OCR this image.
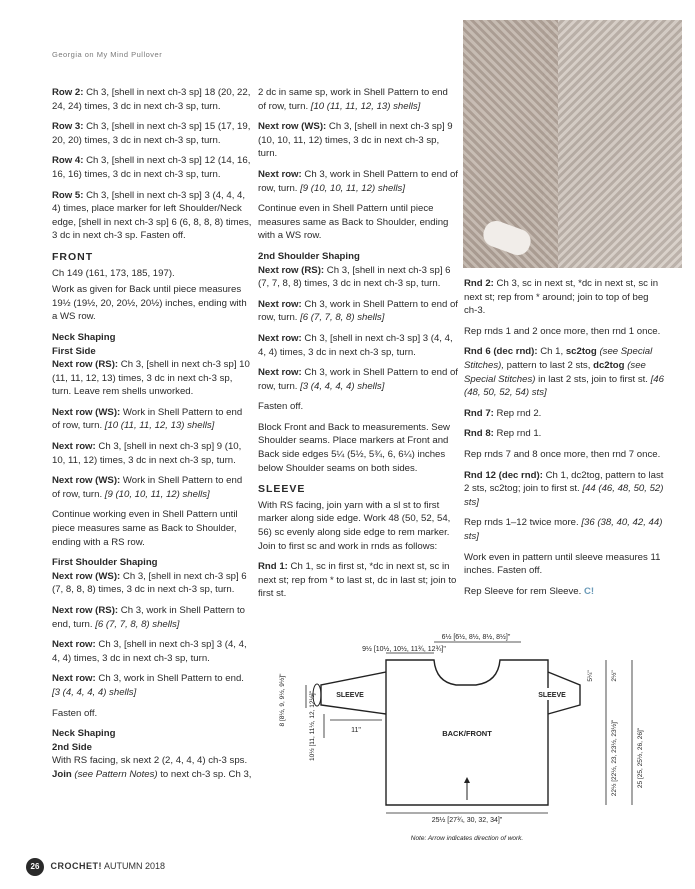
Georgia on My Mind Pullover

Row 2: Ch 3, [shell in next ch-3 sp] 18 (20, 22, 24, 24) times, 3 dc in next ch-3 sp, turn.

Row 3: Ch 3, [shell in next ch-3 sp] 15 (17, 19, 20, 20) times, 3 dc in next ch-3 sp, turn.

Row 4: Ch 3, [shell in next ch-3 sp] 12 (14, 16, 16, 16) times, 3 dc in next ch-3 sp, turn.

Row 5: Ch 3, [shell in next ch-3 sp] 3 (4, 4, 4, 4) times, place marker for left Shoulder/Neck edge, [shell in next ch-3 sp] 6 (6, 8, 8, 8) times, 3 dc in next ch-3 sp. Fasten off.

FRONT

Ch 149 (161, 173, 185, 197).

Work as given for Back until piece measures 19½ (19½, 20, 20½, 20½) inches, ending with a WS row.

Neck Shaping
First Side

Next row (RS): Ch 3, [shell in next ch-3 sp] 10 (11, 11, 12, 13) times, 3 dc in next ch-3 sp, turn. Leave rem shells unworked.

Next row (WS): Work in Shell Pattern to end of row, turn. [10 (11, 11, 12, 13) shells]

Next row: Ch 3, [shell in next ch-3 sp] 9 (10, 10, 11, 12) times, 3 dc in next ch-3 sp, turn.

Next row (WS): Work in Shell Pattern to end of row, turn. [9 (10, 10, 11, 12) shells]

Continue working even in Shell Pattern until piece measures same as Back to Shoulder, ending with a RS row.

First Shoulder Shaping

Next row (WS): Ch 3, [shell in next ch-3 sp] 6 (7, 8, 8, 8) times, 3 dc in next ch-3 sp, turn.

Next row (RS): Ch 3, work in Shell Pattern to end, turn. [6 (7, 7, 8, 8) shells]

Next row: Ch 3, [shell in next ch-3 sp] 3 (4, 4, 4, 4) times, 3 dc in next ch-3 sp, turn.

Next row: Ch 3, work in Shell Pattern to end. [3 (4, 4, 4, 4) shells]

Fasten off.

Neck Shaping
2nd Side

With RS facing, sk next 2 (2, 4, 4, 4) ch-3 sps. Join (see Pattern Notes) to next ch-3 sp. Ch 3,

2 dc in same sp, work in Shell Pattern to end of row, turn. [10 (11, 11, 12, 13) shells]

Next row (WS): Ch 3, [shell in next ch-3 sp] 9 (10, 10, 11, 12) times, 3 dc in next ch-3 sp, turn.

Next row: Ch 3, work in Shell Pattern to end of row, turn. [9 (10, 10, 11, 12) shells]

Continue even in Shell Pattern until piece measures same as Back to Shoulder, ending with a WS row.

2nd Shoulder Shaping

Next row (RS): Ch 3, [shell in next ch-3 sp] 6 (7, 7, 8, 8) times, 3 dc in next ch-3 sp, turn.

Next row: Ch 3, work in Shell Pattern to end of row, turn. [6 (7, 7, 8, 8) shells]

Next row: Ch 3, [shell in next ch-3 sp] 3 (4, 4, 4, 4) times, 3 dc in next ch-3 sp, turn.

Next row: Ch 3, work in Shell Pattern to end of row, turn. [3 (4, 4, 4, 4) shells]

Fasten off.

Block Front and Back to measurements. Sew Shoulder seams. Place markers at Front and Back side edges 5¼ (5½, 5¾, 6, 6¼) inches below Shoulder seams on both sides.

SLEEVE

With RS facing, join yarn with a sl st to first marker along side edge. Work 48 (50, 52, 54, 56) sc evenly along side edge to rem marker. Join to first sc and work in rnds as follows:

Rnd 1: Ch 1, sc in first st, *dc in next st, sc in next st; rep from * to last st, dc in last st; join to first st.

Rnd 2: Ch 3, sc in next st, *dc in next st, sc in next st; rep from * around; join to top of beg ch-3.

Rep rnds 1 and 2 once more, then rnd 1 once.

Rnd 6 (dec rnd): Ch 1, sc2tog (see Special Stitches), pattern to last 2 sts, dc2tog (see Special Stitches) in last 2 sts, join to first st. [46 (48, 50, 52, 54) sts]

Rnd 7: Rep rnd 2.

Rnd 8: Rep rnd 1.

Rep rnds 7 and 8 once more, then rnd 7 once.

Rnd 12 (dec rnd): Ch 1, dc2tog, pattern to last 2 sts, sc2tog; join to first st. [44 (46, 48, 50, 52) sts]

Rep rnds 1–12 twice more. [36 (38, 40, 42, 44) sts]

Work even in pattern until sleeve measures 11 inches. Fasten off.

Rep Sleeve for rem Sleeve. C!

6½ [6½, 8½, 8½, 8½]"
9½ [10½, 10½, 11¾, 12¾]"
SLEEVE	SLEEVE
8 [8½, 9, 9½, 9½]"	10½ [11, 11½, 12, 12½]"	11"	BACK/FRONT
5¼"	2½"
22½ [22½, 23, 23½, 23½]"	25 [25, 25½, 26, 26]"
25½ [27¾, 30, 32, 34]"
Note: Arrow indicates direction of work.
26 CROCHET! AUTUMN 2018
